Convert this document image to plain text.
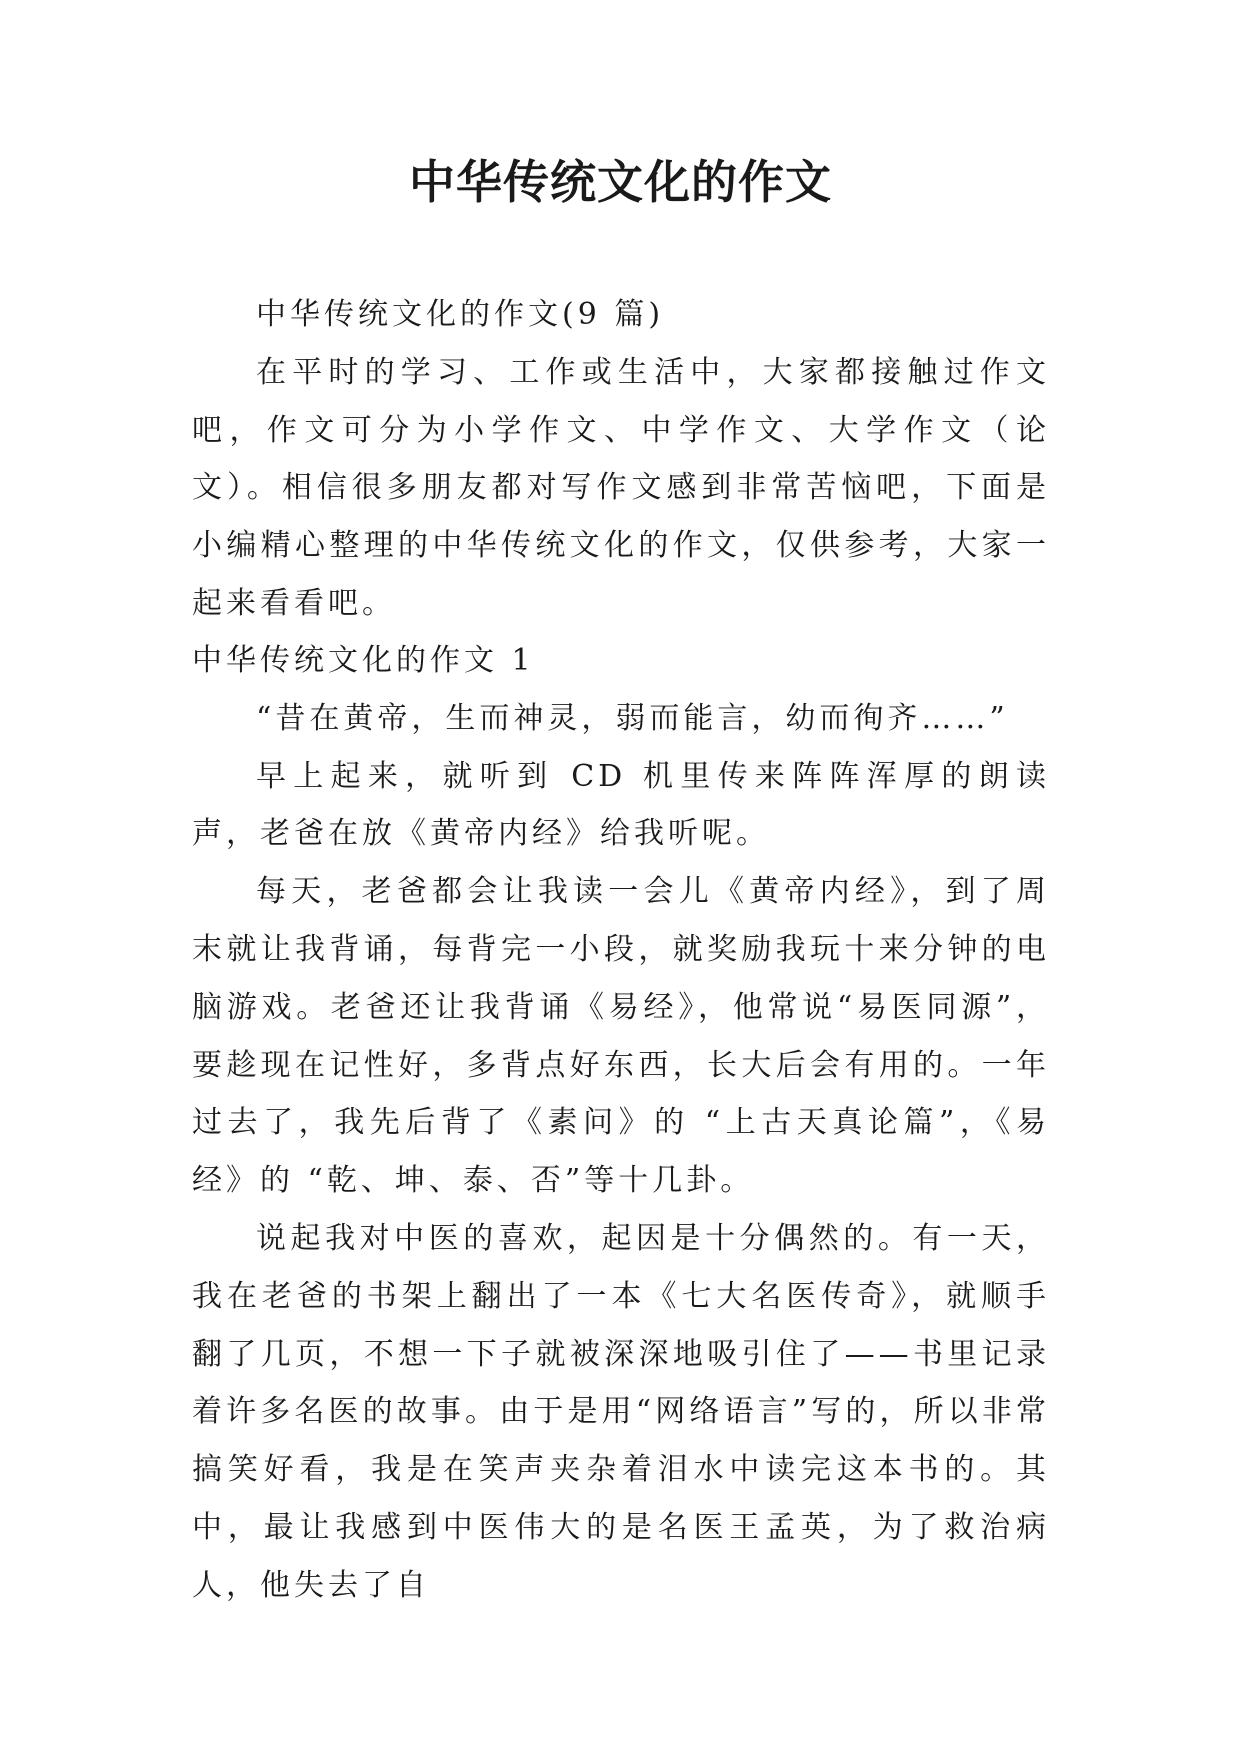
中华传统文化的作文

中华传统文化的作文(9 篇)

在平时的学习、工作或生活中，大家都接触过作文吧，作文可分为小学作文、中学作文、大学作文（论文）。相信很多朋友都对写作文感到非常苦恼吧，下面是小编精心整理的中华传统文化的作文，仅供参考，大家一起来看看吧。

中华传统文化的作文 1

“昔在黄帝，生而神灵，弱而能言，幼而徇齐……”

早上起来，就听到 CD 机里传来阵阵浑厚的朗读声，老爸在放《黄帝内经》给我听呢。

每天，老爸都会让我读一会儿《黄帝内经》，到了周末就让我背诵，每背完一小段，就奖励我玩十来分钟的电脑游戏。老爸还让我背诵《易经》，他常说“易医同源”，要趁现在记性好，多背点好东西，长大后会有用的。一年过去了，我先后背了《素问》的 “上古天真论篇”，《易经》的 “乾、坤、泰、否”等十几卦。

说起我对中医的喜欢，起因是十分偶然的。有一天，我在老爸的书架上翻出了一本《七大名医传奇》，就顺手翻了几页，不想一下子就被深深地吸引住了——书里记录着许多名医的故事。由于是用“网络语言”写的，所以非常搞笑好看，我是在笑声夹杂着泪水中读完这本书的。其中，最让我感到中医伟大的是名医王孟英，为了救治病人，他失去了自
